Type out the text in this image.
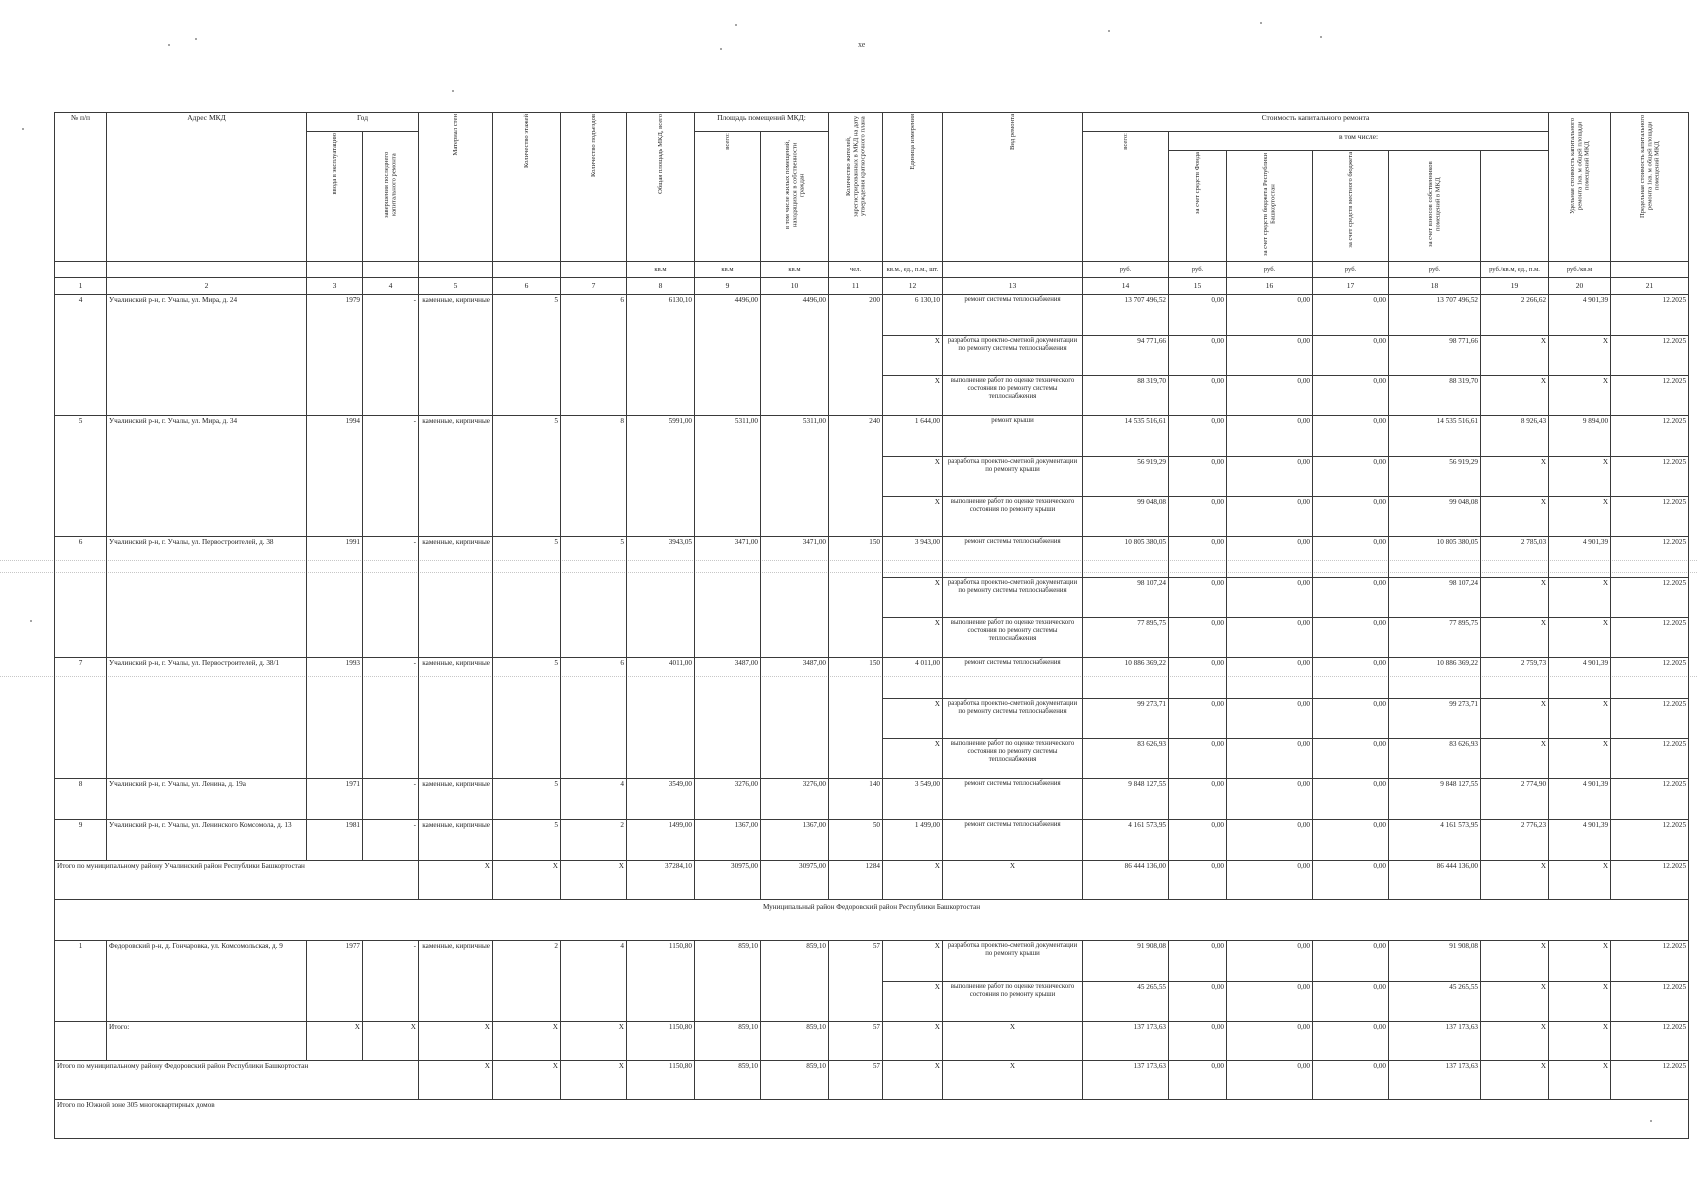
хе
№ п/п	Адрес МКД	Год		Материал стен	Количество этажей	Количество подъездов	Общая площадь МКД, всего	Площадь помещений МКД:		Количество жителей, зарегистрированных в МКД на дату утверждения краткосрочного плана	Единица измерения	Вид ремонта	Стоимость капитального ремонта						Удельная стоимость капитального ремонта 1кв. м общей площади помещений МКД	Предельная стоимость капитального ремонта 1кв. м общей площади помещений МКД	
		ввода в эксплуатацию	завершения последнего капитального ремонта					всего:	в том числе жилых помещений, находящихся в собственности граждан				всего:	в том числе:							
														за счет средств Фонда	за счет средств бюджета Республики Башкортостан	за счет средств местного бюджета	за счет взносов собственников помещений в МКД				
							кв.м	кв.м	кв.м	чел.	кв.м., ед., п.м., шт.		руб.	руб.	руб.	руб.	руб.	руб./кв.м, ед., п.м.	руб./кв.м		
1	2	3	4	5	6	7	8	9	10	11	12	13	14	15	16	17	18	19	20	21	
4	Учалинский р-н, г. Учалы, ул. Мира, д. 24	1979	-	каменные, кирпичные	5	6	6130,10	4496,00	4496,00	200	6 130,10	ремонт системы теплоснабжения	13 707 496,52	0,00	0,00	0,00	13 707 496,52	2 266,62	4 901,39	12.2025	
											X	разработка проектно-сметной документации по ремонту системы теплоснабжения	94 771,66	0,00	0,00	0,00	98 771,66	X	X	12.2025	
											X	выполнение работ по оценке технического состояния по ремонту системы теплоснабжения	88 319,70	0,00	0,00	0,00	88 319,70	X	X	12.2025	
5	Учалинский р-н, г. Учалы, ул. Мира, д. 34	1994	-	каменные, кирпичные	5	8	5991,00	5311,00	5311,00	240	1 644,00	ремонт крыши	14 535 516,61	0,00	0,00	0,00	14 535 516,61	8 926,43	9 894,00	12.2025	
											X	разработка проектно-сметной документации по ремонту крыши	56 919,29	0,00	0,00	0,00	56 919,29	X	X	12.2025	
											X	выполнение работ по оценке технического состояния по ремонту крыши	99 048,08	0,00	0,00	0,00	99 048,08	X	X	12.2025	
6	Учалинский р-н, г. Учалы, ул. Первостроителей, д. 38	1991	-	каменные, кирпичные	5	5	3943,05	3471,00	3471,00	150	3 943,00	ремонт системы теплоснабжения	10 805 380,05	0,00	0,00	0,00	10 805 380,05	2 785,03	4 901,39	12.2025	
											X	разработка проектно-сметной документации по ремонту системы теплоснабжения	98 107,24	0,00	0,00	0,00	98 107,24	X	X	12.2025	
											X	выполнение работ по оценке технического состояния по ремонту системы теплоснабжения	77 895,75	0,00	0,00	0,00	77 895,75	X	X	12.2025	
7	Учалинский р-н, г. Учалы, ул. Первостроителей, д. 38/1	1993	-	каменные, кирпичные	5	6	4011,00	3487,00	3487,00	150	4 011,00	ремонт системы теплоснабжения	10 886 369,22	0,00	0,00	0,00	10 886 369,22	2 759,73	4 901,39	12.2025	
											X	разработка проектно-сметной документации по ремонту системы теплоснабжения	99 273,71	0,00	0,00	0,00	99 273,71	X	X	12.2025	
											X	выполнение работ по оценке технического состояния по ремонту системы теплоснабжения	83 626,93	0,00	0,00	0,00	83 626,93	X	X	12.2025	
8	Учалинский р-н, г. Учалы, ул. Ленина, д. 19а	1971	-	каменные, кирпичные	5	4	3549,00	3276,00	3276,00	140	3 549,00	ремонт системы теплоснабжения	9 848 127,55	0,00	0,00	0,00	9 848 127,55	2 774,90	4 901,39	12.2025	
9	Учалинский р-н, г. Учалы, ул. Ленинского Комсомола, д. 13	1981	-	каменные, кирпичные	5	2	1499,00	1367,00	1367,00	50	1 499,00	ремонт системы теплоснабжения	4 161 573,95	0,00	0,00	0,00	4 161 573,95	2 776,23	4 901,39	12.2025	
Итого по муниципальному району Учалинский район Республики Башкортостан				X	X	X	37284,10	30975,00	30975,00	1284	X	X	86 444 136,00	0,00	0,00	0,00	86 444 136,00	X	X	12.2025	
Муниципальный район Федоровский район Республики Башкортостан																					
1	Федоровский р-н, д. Гончаровка, ул. Комсомольская, д. 9	1977	-	каменные, кирпичные	2	4	1150,80	859,10	859,10	57	X	разработка проектно-сметной документации по ремонту крыши	91 908,08	0,00	0,00	0,00	91 908,08	X	X	12.2025	
											X	выполнение работ по оценке технического состояния по ремонту крыши	45 265,55	0,00	0,00	0,00	45 265,55	X	X	12.2025	
	Итого:	X	X	X	X	X	1150,80	859,10	859,10	57	X	X	137 173,63	0,00	0,00	0,00	137 173,63	X	X	12.2025	
Итого по муниципальному району Федоровский район Республики Башкортостан				X	X	X	1150,80	859,10	859,10	57	X	X	137 173,63	0,00	0,00	0,00	137 173,63	X	X	12.2025	
Итого по Южной зоне 305 многоквартирных домов																					
